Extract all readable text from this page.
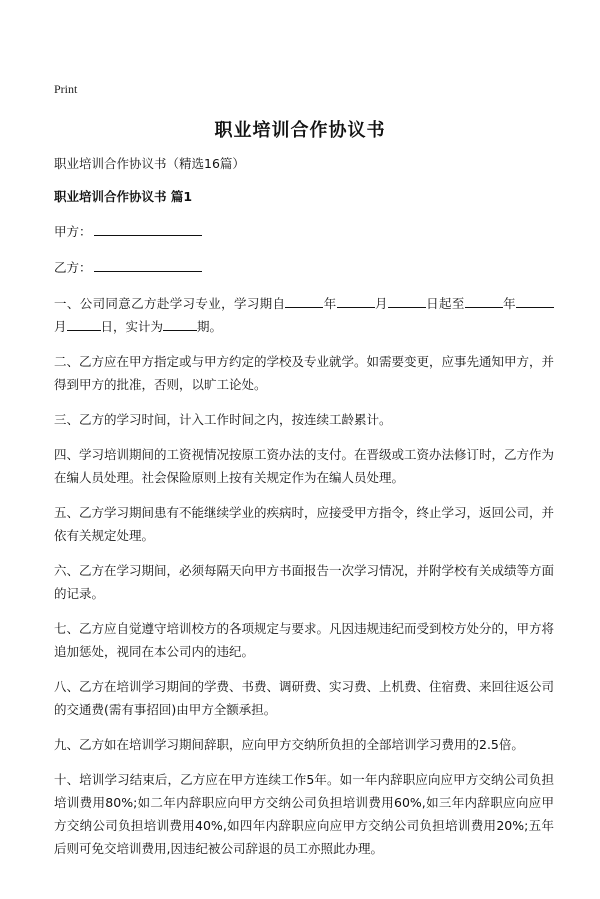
Print
职业培训合作协议书

职业培训合作协议书（精选16篇）

职业培训合作协议书 篇1

甲方：

乙方：

一、公司同意乙方赴学习专业，学习期自	年	月	日起至	年月	日，实计为	期。

二、乙方应在甲方指定或与甲方约定的学校及专业就学。如需要变更，应事先通知甲方，并得到甲方的批准，否则，以旷工论处。

三、乙方的学习时间，计入工作时间之内，按连续工龄累计。

四、学习培训期间的工资视情况按原工资办法的支付。在晋级或工资办法修订时，乙方作为在编人员处理。社会保险原则上按有关规定作为在编人员处理。

五、乙方学习期间患有不能继续学业的疾病时，应接受甲方指令，终止学习，返回公司，并依有关规定处理。

六、乙方在学习期间，必须每隔天向甲方书面报告一次学习情况，并附学校有关成绩等方面的记录。

七、乙方应自觉遵守培训校方的各项规定与要求。凡因违规违纪而受到校方处分的，甲方将追加惩处，视同在本公司内的违纪。

八、乙方在培训学习期间的学费、书费、调研费、实习费、上机费、住宿费、来回往返公司的交通费(需有事招回)由甲方全额承担。

九、乙方如在培训学习期间辞职，应向甲方交纳所负担的全部培训学习费用的2.5倍。

十、培训学习结束后，乙方应在甲方连续工作5年。如一年内辞职应向应甲方交纳公司负担培训费用80%;如二年内辞职应向甲方交纳公司负担培训费用60%,如三年内辞职应向应甲方交纳公司负担培训费用40%,如四年内辞职应向应甲方交纳公司负担培训费用20%;五年后则可免交培训费用,因违纪被公司辞退的员工亦照此办理。
